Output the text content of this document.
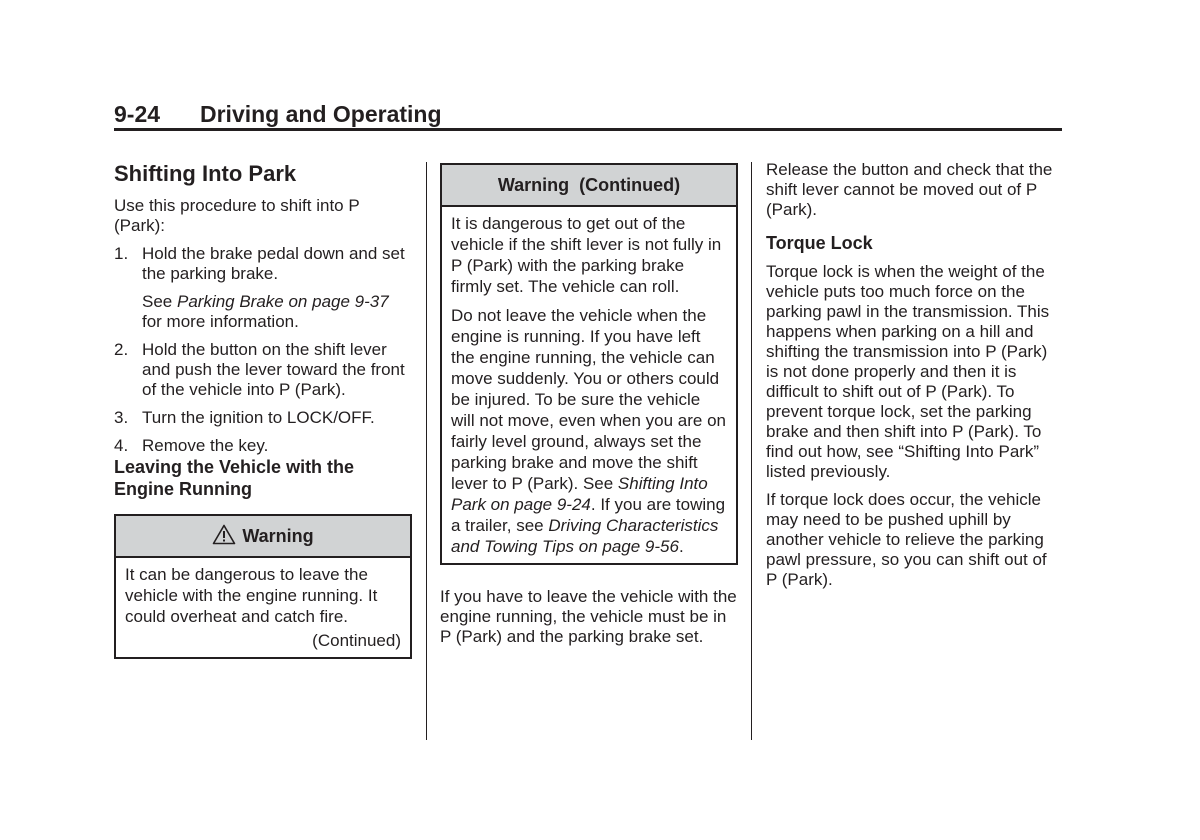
9-24 Driving and Operating
Shifting Into Park

Use this procedure to shift into P (Park):

1. Hold the brake pedal down and set the parking brake.

See Parking Brake on page 9-37 for more information.

2. Hold the button on the shift lever and push the lever toward the front of the vehicle into P (Park).
3. Turn the ignition to LOCK/OFF.
4. Remove the key.
Leaving the Vehicle with the Engine Running
Warning

It can be dangerous to leave the vehicle with the engine running. It could overheat and catch fire.

(Continued)

Warning  (Continued)

It is dangerous to get out of the vehicle if the shift lever is not fully in P (Park) with the parking brake firmly set. The vehicle can roll.

Do not leave the vehicle when the engine is running. If you have left the engine running, the vehicle can move suddenly. You or others could be injured. To be sure the vehicle will not move, even when you are on fairly level ground, always set the parking brake and move the shift lever to P (Park). See Shifting Into Park on page 9-24. If you are towing a trailer, see Driving Characteristics and Towing Tips on page 9-56.

If you have to leave the vehicle with the engine running, the vehicle must be in P (Park) and the parking brake set.

Release the button and check that the shift lever cannot be moved out of P (Park).

Torque Lock

Torque lock is when the weight of the vehicle puts too much force on the parking pawl in the transmission. This happens when parking on a hill and shifting the transmission into P (Park) is not done properly and then it is difficult to shift out of P (Park). To prevent torque lock, set the parking brake and then shift into P (Park). To find out how, see “Shifting Into Park” listed previously.

If torque lock does occur, the vehicle may need to be pushed uphill by another vehicle to relieve the parking pawl pressure, so you can shift out of P (Park).
